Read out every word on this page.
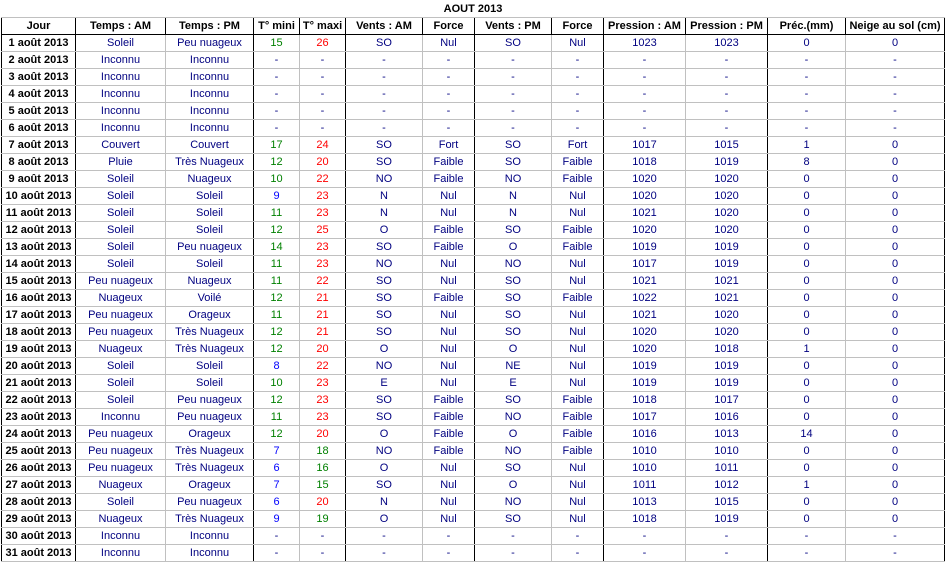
AOUT 2013												
Jour	Temps : AM	Temps : PM	T° mini	T° maxi	Vents : AM	Force	Vents : PM	Force	Pression : AM	Pression : PM	Préc.(mm)	Neige au sol (cm)
1 août 2013	Soleil	Peu nuageux	15	26	SO	Nul	SO	Nul	1023	1023	0	0
2 août 2013	Inconnu	Inconnu	-	-	-	-	-	-	-	-	-	-
3 août 2013	Inconnu	Inconnu	-	-	-	-	-	-	-	-	-	-
4 août 2013	Inconnu	Inconnu	-	-	-	-	-	-	-	-	-	-
5 août 2013	Inconnu	Inconnu	-	-	-	-	-	-	-	-	-	-
6 août 2013	Inconnu	Inconnu	-	-	-	-	-	-	-	-	-	-
7 août 2013	Couvert	Couvert	17	24	SO	Fort	SO	Fort	1017	1015	1	0
8 août 2013	Pluie	Très Nuageux	12	20	SO	Faible	SO	Faible	1018	1019	8	0
9 août 2013	Soleil	Nuageux	10	22	NO	Faible	NO	Faible	1020	1020	0	0
10 août 2013	Soleil	Soleil	9	23	N	Nul	N	Nul	1020	1020	0	0
11 août 2013	Soleil	Soleil	11	23	N	Nul	N	Nul	1021	1020	0	0
12 août 2013	Soleil	Soleil	12	25	O	Faible	SO	Faible	1020	1020	0	0
13 août 2013	Soleil	Peu nuageux	14	23	SO	Faible	O	Faible	1019	1019	0	0
14 août 2013	Soleil	Soleil	11	23	NO	Nul	NO	Nul	1017	1019	0	0
15 août 2013	Peu nuageux	Nuageux	11	22	SO	Nul	SO	Nul	1021	1021	0	0
16 août 2013	Nuageux	Voilé	12	21	SO	Faible	SO	Faible	1022	1021	0	0
17 août 2013	Peu nuageux	Orageux	11	21	SO	Nul	SO	Nul	1021	1020	0	0
18 août 2013	Peu nuageux	Très Nuageux	12	21	SO	Nul	SO	Nul	1020	1020	0	0
19 août 2013	Nuageux	Très Nuageux	12	20	O	Nul	O	Nul	1020	1018	1	0
20 août 2013	Soleil	Soleil	8	22	NO	Nul	NE	Nul	1019	1019	0	0
21 août 2013	Soleil	Soleil	10	23	E	Nul	E	Nul	1019	1019	0	0
22 août 2013	Soleil	Peu nuageux	12	23	SO	Faible	SO	Faible	1018	1017	0	0
23 août 2013	Inconnu	Peu nuageux	11	23	SO	Faible	NO	Faible	1017	1016	0	0
24 août 2013	Peu nuageux	Orageux	12	20	O	Faible	O	Faible	1016	1013	14	0
25 août 2013	Peu nuageux	Très Nuageux	7	18	NO	Faible	NO	Faible	1010	1010	0	0
26 août 2013	Peu nuageux	Très Nuageux	6	16	O	Nul	SO	Nul	1010	1011	0	0
27 août 2013	Nuageux	Orageux	7	15	SO	Nul	O	Nul	1011	1012	1	0
28 août 2013	Soleil	Peu nuageux	6	20	N	Nul	NO	Nul	1013	1015	0	0
29 août 2013	Nuageux	Très Nuageux	9	19	O	Nul	SO	Nul	1018	1019	0	0
30 août 2013	Inconnu	Inconnu	-	-	-	-	-	-	-	-	-	-
31 août 2013	Inconnu	Inconnu	-	-	-	-	-	-	-	-	-	-
